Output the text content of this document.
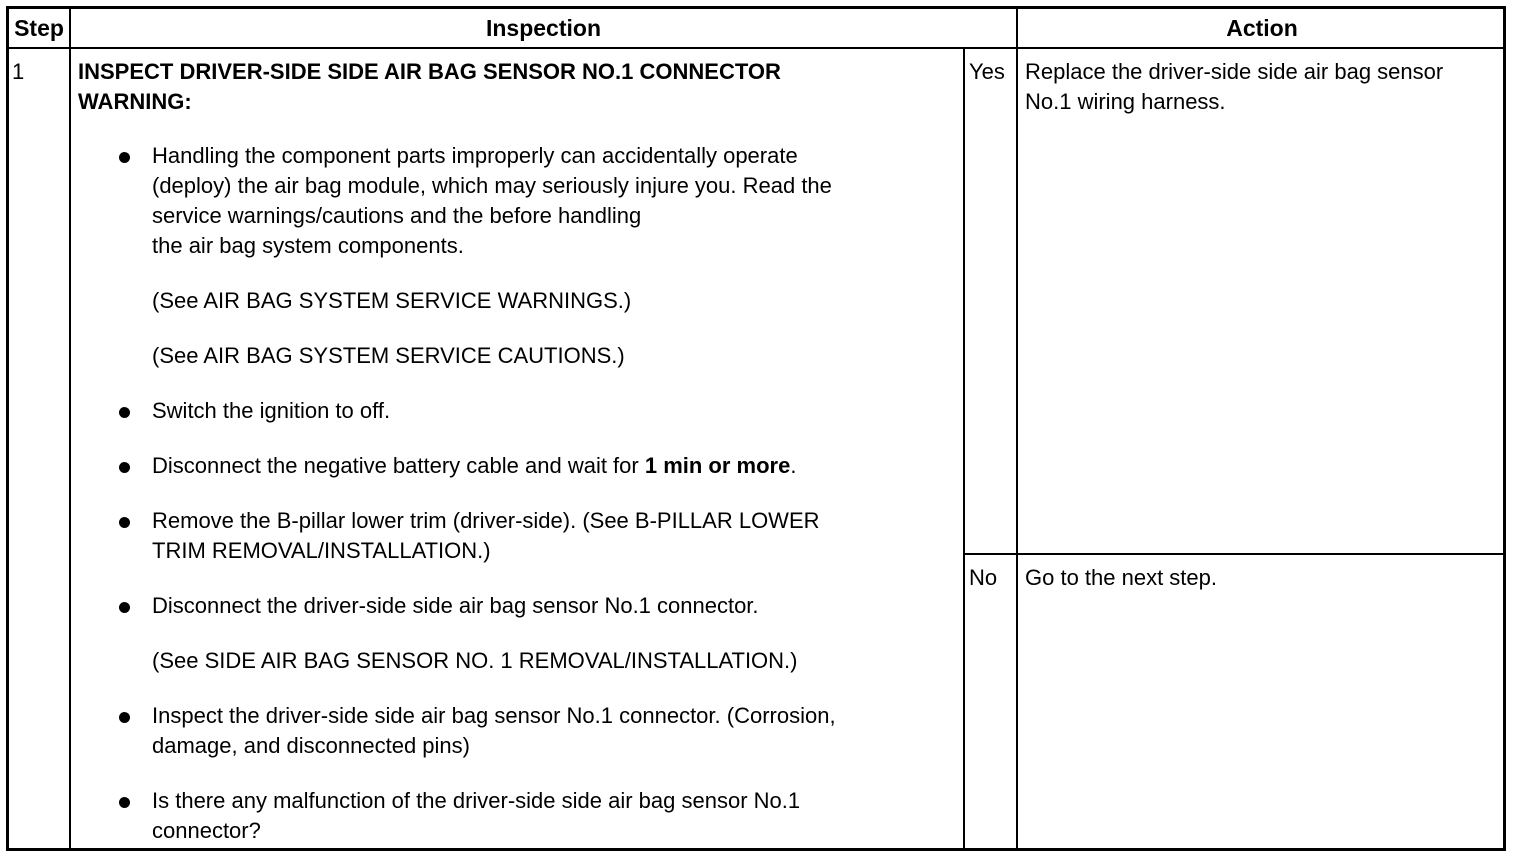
Step	Inspection	Action
1 INSPECT DRIVER-SIDE SIDE AIR BAG SENSOR NO.1 CONNECTOR
WARNING:
Handling the component parts improperly can accidentally operate
(deploy) the air bag module, which may seriously injure you. Read the
service warnings/cautions and the before handling
the air bag system components.
(See AIR BAG SYSTEM SERVICE WARNINGS.)
(See AIR BAG SYSTEM SERVICE CAUTIONS.)
Switch the ignition to off.
Disconnect the negative battery cable and wait for 1 min or more.
Remove the B-pillar lower trim (driver-side). (See B-PILLAR LOWER
TRIM REMOVAL/INSTALLATION.)
Disconnect the driver-side side air bag sensor No.1 connector.
(See SIDE AIR BAG SENSOR NO. 1 REMOVAL/INSTALLATION.)
Inspect the driver-side side air bag sensor No.1 connector. (Corrosion,
damage, and disconnected pins)
Is there any malfunction of the driver-side side air bag sensor No.1
connector?
Yes Replace the driver-side side air bag sensor
No.1 wiring harness.
No Go to the next step.
